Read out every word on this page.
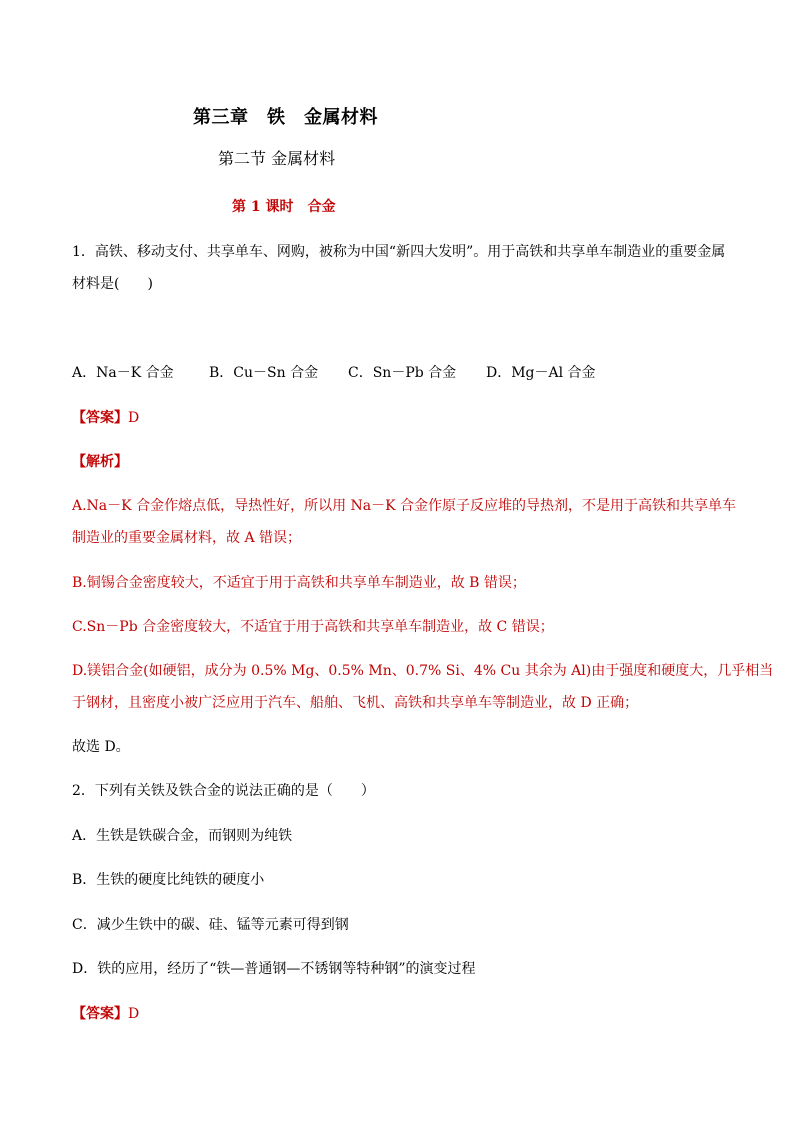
第三章　铁　金属材料
第二节 金属材料
第 1 课时　合金
1．高铁、移动支付、共享单车、网购，被称为中国“新四大发明”。用于高铁和共享单车制造业的重要金属
材料是(　　)
A．Na－K 合金	B．Cu－Sn 合金 C．Sn－Pb 合金 D．Mg－Al 合金
【答案】D
【解析】
A.Na－K 合金作熔点低，导热性好，所以用 Na－K 合金作原子反应堆的导热剂，不是用于高铁和共享单车
制造业的重要金属材料，故 A 错误；
B.铜锡合金密度较大，不适宜于用于高铁和共享单车制造业，故 B 错误；
C.Sn－Pb 合金密度较大，不适宜于用于高铁和共享单车制造业，故 C 错误；
D.镁铝合金(如硬铝，成分为 0.5% Mg、0.5% Mn、0.7% Si、4% Cu 其余为 Al)由于强度和硬度大，几乎相当
于钢材，且密度小被广泛应用于汽车、船舶、飞机、高铁和共享单车等制造业，故 D 正确；
故选 D。
2．下列有关铁及铁合金的说法正确的是（　　）
A．生铁是铁碳合金，而钢则为纯铁
B．生铁的硬度比纯铁的硬度小
C．减少生铁中的碳、硅、锰等元素可得到钢
D．铁的应用，经历了“铁—普通钢—不锈钢等特种钢”的演变过程
【答案】D
